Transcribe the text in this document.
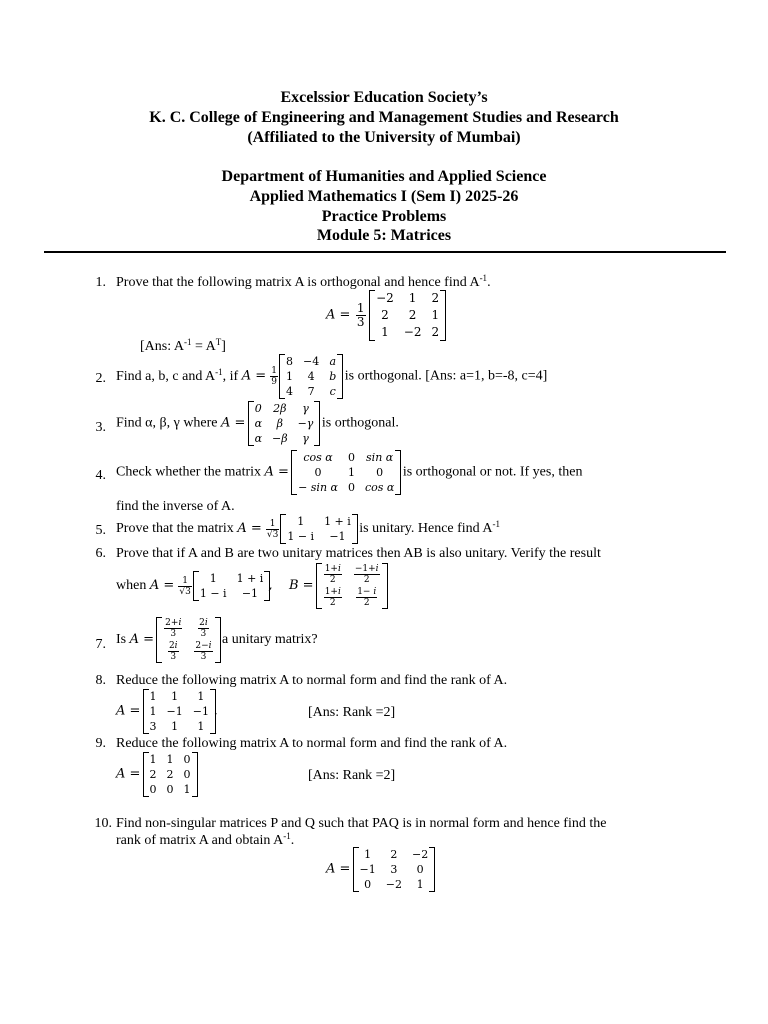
Excelssior Education Society’s
K. C. College of Engineering and Management Studies and Research
(Affiliated to the University of Mumbai)
Department of Humanities and Applied Science
Applied Mathematics I (Sem I) 2025-26
Practice Problems
Module 5: Matrices
1. Prove that the following matrix A is orthogonal and hence find $A^{-1}$.
$A = \frac{1}{3}$

−2	1	2
2	2	1
1	−2	2
[Ans: $A^{-1} = A^T$]
2. Find a, b, c and $A^{-1}$, if $A = \frac{1}{9}$
8	−4	a
1	4	b
4	7	c
is orthogonal. [Ans: a=1, b=-8, c=4]
3. Find α, β, γ where A =
0	2β	γ
α	β	−γ
α	−β	γ
is orthogonal.
4. Check whether the matrix A =
cos α	0	sin α
0	1	0
− sin α	0	cos α
is orthogonal or not. If yes, then
find the inverse of A.
5. Prove that the matrix $A = \frac{1}{√3} 1$	1 + i
1 − i	−1
is unitary. Hence find $A^{-1}$
6. Prove that if A and B are two unitary matrices then AB is also unitary. Verify the result
when $A = \frac{1}{√3} 1$	1 + i
1 − i	−1
,    B =
$\frac{1+i}{2}$	$\frac{-1+i}{2}$

$\frac{1+i}{2}$	$\frac{1- i}{2}$
7. Is A =
$\frac{2+i}{3}$	$\frac{2i}{3}$

$\frac{2i}{3}$	$\frac{2-i}{3}$
a unitary matrix?
8. Reduce the following matrix A to normal form and find the rank of A.
A =
1	1	1
1	−1	−1
3	1	1
.	[Ans: Rank =2]
9. Reduce the following matrix A to normal form and find the rank of A.
A =
1	1	0
2	2	0
0	0	1
[Ans: Rank =2]
10. Find non-singular matrices P and Q such that PAQ is in normal form and hence find the
rank of matrix A and obtain $A^{-1}$.
A =
1	2	−2
−1	3	0
0	−2	1
